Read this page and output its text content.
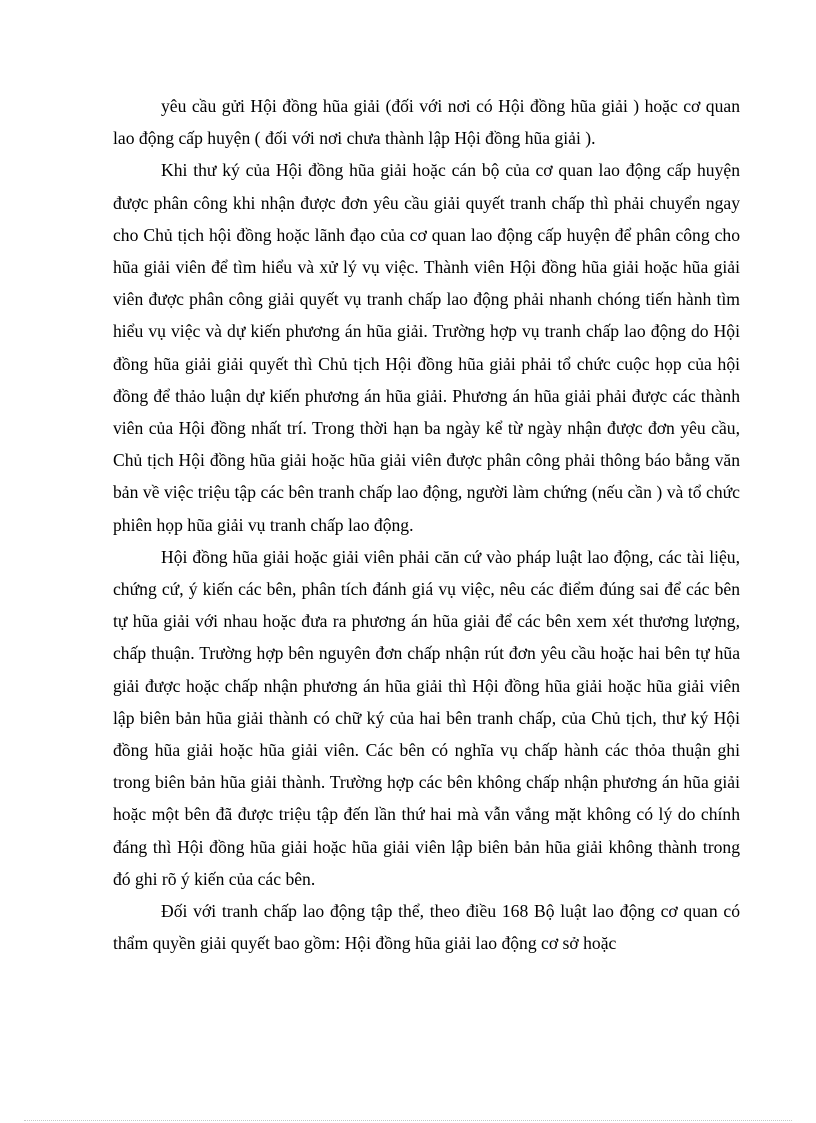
yêu cầu gửi Hội đồng hũa giải (đối với nơi có Hội đồng hũa giải ) hoặc cơ quan lao động cấp huyện ( đối với nơi chưa thành lập Hội đồng hũa giải ).

Khi thư ký của Hội đồng hũa giải hoặc cán bộ của cơ quan lao động cấp huyện được phân công khi nhận được đơn yêu cầu giải quyết tranh chấp thì phải chuyển ngay cho Chủ tịch hội đồng hoặc lãnh đạo của cơ quan lao động cấp huyện để phân công cho hũa giải viên để tìm hiểu và xử lý vụ việc. Thành viên Hội đồng hũa giải hoặc hũa giải viên được phân công giải quyết vụ tranh chấp lao động phải nhanh chóng tiến hành tìm hiểu vụ việc và dự kiến phương án hũa giải. Trường hợp vụ tranh chấp lao động do Hội đồng hũa giải giải quyết thì Chủ tịch Hội đồng hũa giải phải tổ chức cuộc họp của hội đồng để thảo luận dự kiến phương án hũa giải. Phương án hũa giải phải được các thành viên của Hội đồng nhất trí. Trong thời hạn ba ngày kể từ ngày nhận được đơn yêu cầu, Chủ tịch Hội đồng hũa giải hoặc hũa giải viên được phân công phải thông báo bằng văn bản về việc triệu tập các bên tranh chấp lao động, người làm chứng (nếu cần ) và tổ chức phiên họp hũa giải vụ tranh chấp lao động.

Hội đồng hũa giải hoặc giải viên phải căn cứ vào pháp luật lao động, các tài liệu, chứng cứ, ý kiến các bên, phân tích đánh giá vụ việc, nêu các điểm đúng sai để các bên tự hũa giải với nhau hoặc đưa ra phương án hũa giải để các bên xem xét thương lượng, chấp thuận. Trường hợp bên nguyên đơn chấp nhận rút đơn yêu cầu hoặc hai bên tự hũa giải được hoặc chấp nhận phương án hũa giải thì Hội đồng hũa giải hoặc hũa giải viên lập biên bản hũa giải thành có chữ ký của hai bên tranh chấp, của Chủ tịch, thư ký Hội đồng hũa giải hoặc hũa giải viên. Các bên có nghĩa vụ chấp hành các thỏa thuận ghi trong biên bản hũa giải thành. Trường hợp các bên không chấp nhận phương án hũa giải hoặc một bên đã được triệu tập đến lần thứ hai mà vẫn vắng mặt không có lý do chính đáng thì Hội đồng hũa giải hoặc hũa giải viên lập biên bản hũa giải không thành trong đó ghi rõ ý kiến của các bên.

Đối với tranh chấp lao động tập thể, theo điều 168 Bộ luật lao động cơ quan có thẩm quyền giải quyết bao gồm: Hội đồng hũa giải lao động cơ sở hoặc
